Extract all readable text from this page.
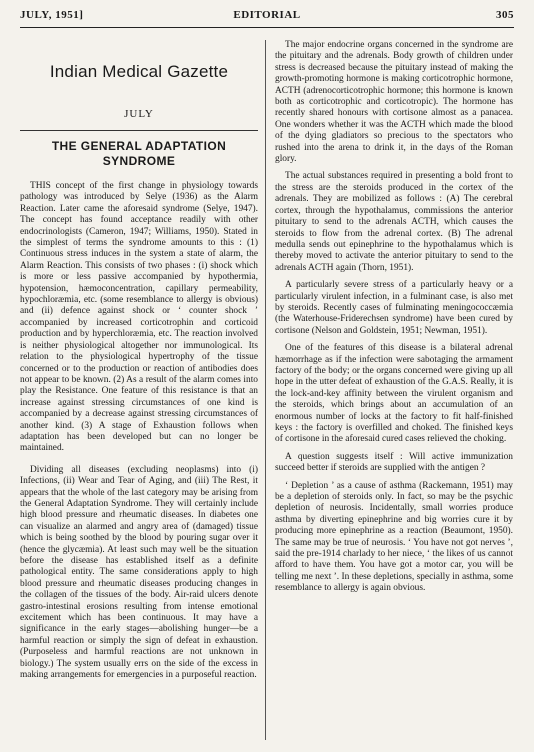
JULY, 1951]	EDITORIAL	305
Indian Medical Gazette
JULY
THE GENERAL ADAPTATION
SYNDROME

THIS concept of the first change in physiology towards pathology was introduced by Selye (1936) as the Alarm Reaction. Later came the aforesaid syndrome (Selye, 1947). The concept has found acceptance readily with other endocrinologists (Cameron, 1947; Williams, 1950). Stated in the simplest of terms the syndrome amounts to this : (1) Continuous stress induces in the system a state of alarm, the Alarm Reaction. This consists of two phases : (i) shock which is more or less passive accompanied by hypothermia, hypotension, hæmoconcentration, capillary permeability, hypochloræmia, etc. (some resemblance to allergy is obvious) and (ii) defence against shock or ‘ counter shock ’ accompanied by increased corticotrophin and corticoid production and by hyperchloræmia, etc. The reaction involved is neither physiological altogether nor immunological. Its relation to the physiological hypertrophy of the tissue concerned or to the production or reaction of antibodies does not appear to be known. (2) As a result of the alarm comes into play the Resistance. One feature of this resistance is that an increase against stressing circumstances of one kind is accompanied by a decrease against stressing circumstances of another kind. (3) A stage of Exhaustion follows when adaptation has been developed but can no longer be maintained.

Dividing all diseases (excluding neoplasms) into (i) Infections, (ii) Wear and Tear of Aging, and (iii) The Rest, it appears that the whole of the last category may be arising from the General Adaptation Syndrome. They will certainly include high blood pressure and rheumatic diseases. In diabetes one can visualize an alarmed and angry area of (damaged) tissue which is being soothed by the blood by pouring sugar over it (hence the glycæmia). At least such may well be the situation before the disease has established itself as a definite pathological entity. The same considerations apply to high blood pressure and rheumatic diseases producing changes in the collagen of the tissues of the body. Air-raid ulcers denote gastro-intestinal erosions resulting from intense emotional excitement which has been continuous. It may have a significance in the early stages—abolishing hunger—be a harmful reaction or simply the sign of defeat in exhaustion. (Purposeless and harmful reactions are not unknown in biology.) The system usually errs on the side of the excess in making arrangements for emergencies in a purposeful reaction.

The major endocrine organs concerned in the syndrome are the pituitary and the adrenals. Body growth of children under stress is decreased because the pituitary instead of making the growth-promoting hormone is making corticotrophic hormone, ACTH (adrenocorticotrophic hormone; this hormone is known both as corticotrophic and corticotropic). The hormone has recently shared honours with cortisone almost as a panacea. One wonders whether it was the ACTH which made the blood of the dying gladiators so precious to the spectators who rushed into the arena to drink it, in the days of the Roman glory.

The actual substances required in presenting a bold front to the stress are the steroids produced in the cortex of the adrenals. They are mobilized as follows : (A) The cerebral cortex, through the hypothalamus, commissions the anterior pituitary to send to the adrenals ACTH, which causes the steroids to flow from the adrenal cortex. (B) The adrenal medulla sends out epinephrine to the hypothalamus which is thereby moved to activate the anterior pituitary to send to the adrenals ACTH again (Thorn, 1951).

A particularly severe stress of a particularly heavy or a particularly virulent infection, in a fulminant case, is also met by steroids. Recently cases of fulminating meningococcæmia (the Waterhouse-Friderechsen syndrome) have been cured by cortisone (Nelson and Goldstein, 1951; Newman, 1951).

One of the features of this disease is a bilateral adrenal hæmorrhage as if the infection were sabotaging the armament factory of the body; or the organs concerned were giving up all hope in the utter defeat of exhaustion of the G.A.S. Really, it is the lock-and-key affinity between the virulent organism and the steroids, which brings about an accumulation of an enormous number of locks at the factory to fit half-finished keys : the factory is overfilled and choked. The finished keys of cortisone in the aforesaid cured cases relieved the choking.

A question suggests itself : Will active immunization succeed better if steroids are supplied with the antigen ?

‘ Depletion ’ as a cause of asthma (Rackemann, 1951) may be a depletion of steroids only. In fact, so may be the psychic depletion of neurosis. Incidentally, small worries produce asthma by diverting epinephrine and big worries cure it by producing more epinephrine as a reaction (Beaumont, 1950). The same may be true of neurosis. ‘ You have not got nerves ’, said the pre-1914 charlady to her niece, ‘ the likes of us cannot afford to have them. You have got a motor car, you will be telling me next ’. In these depletions, specially in asthma, some resemblance to allergy is again obvious.
